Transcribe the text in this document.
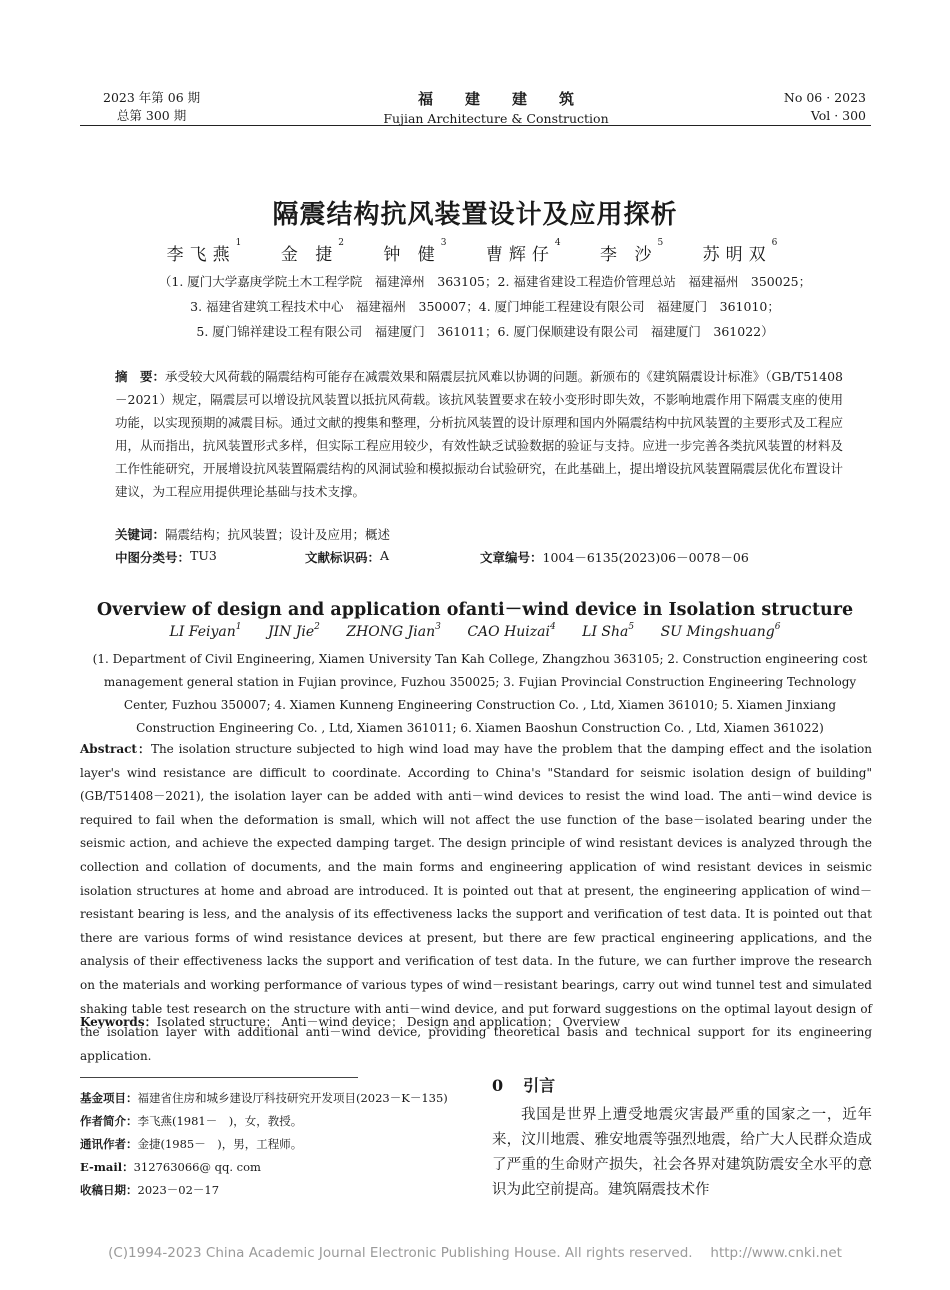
2023 年第 06 期
总第 300 期
福建建筑
Fujian Architecture & Construction
No 06 · 2023
Vol · 300
隔震结构抗风装置设计及应用探析
李飞燕$^1$ 金 捷$^2$ 钟 健$^3$ 曹辉仔$^4$ 李 沙$^5$ 苏明双$^6$
（1. 厦门大学嘉庚学院土木工程学院　福建漳州　363105；2. 福建省建设工程造价管理总站　福建福州　350025；
3. 福建省建筑工程技术中心　福建福州　350007；4. 厦门坤能工程建设有限公司　福建厦门　361010；
5. 厦门锦祥建设工程有限公司　福建厦门　361011；6. 厦门保顺建设有限公司　福建厦门　361022）
摘　要：承受较大风荷载的隔震结构可能存在减震效果和隔震层抗风难以协调的问题。新颁布的《建筑隔震设计标准》（GB/T51408－2021）规定，隔震层可以增设抗风装置以抵抗风荷载。该抗风装置要求在较小变形时即失效，不影响地震作用下隔震支座的使用功能，以实现预期的减震目标。通过文献的搜集和整理，分析抗风装置的设计原理和国内外隔震结构中抗风装置的主要形式及工程应用，从而指出，抗风装置形式多样，但实际工程应用较少，有效性缺乏试验数据的验证与支持。应进一步完善各类抗风装置的材料及工作性能研究，开展增设抗风装置隔震结构的风洞试验和模拟振动台试验研究，在此基础上，提出增设抗风装置隔震层优化布置设计建议，为工程应用提供理论基础与技术支撑。
关键词：隔震结构；抗风装置；设计及应用；概述
中图分类号： TU3	文献标识码： A	文章编号： 1004－6135(2023)06－0078－06
Overview of design and application ofanti－wind device in Isolation structure
LI Feiyan$^1$ JIN Jie$^2$ ZHONG Jian$^3$ CAO Huizai$^4$ LI Sha$^5$ SU Mingshuang$^6$
(1. Department of Civil Engineering, Xiamen University Tan Kah College, Zhangzhou 363105; 2. Construction engineering cost management general station in Fujian province, Fuzhou 350025; 3. Fujian Provincial Construction Engineering Technology Center, Fuzhou 350007; 4. Xiamen Kunneng Engineering Construction Co. , Ltd, Xiamen 361010; 5. Xiamen Jinxiang Construction Engineering Co. , Ltd, Xiamen 361011; 6. Xiamen Baoshun Construction Co. , Ltd, Xiamen 361022)
Abstract：The isolation structure subjected to high wind load may have the problem that the damping effect and the isolation layer's wind resistance are difficult to coordinate. According to China's "Standard for seismic isolation design of building" (GB/T51408－2021), the isolation layer can be added with anti－wind devices to resist the wind load. The anti－wind device is required to fail when the deformation is small, which will not affect the use function of the base－isolated bearing under the seismic action, and achieve the expected damping target. The design principle of wind resistant devices is analyzed through the collection and collation of documents, and the main forms and engineering application of wind resistant devices in seismic isolation structures at home and abroad are introduced. It is pointed out that at present, the engineering application of wind－resistant bearing is less, and the analysis of its effectiveness lacks the support and verification of test data. It is pointed out that there are various forms of wind resistance devices at present, but there are few practical engineering applications, and the analysis of their effectiveness lacks the support and verification of test data. In the future, we can further improve the research on the materials and working performance of various types of wind－resistant bearings, carry out wind tunnel test and simulated shaking table test research on the structure with anti－wind device, and put forward suggestions on the optimal layout design of the isolation layer with additional anti－wind device, providing theoretical basis and technical support for its engineering application.
Keywords：Isolated structure； Anti－wind device； Design and application； Overview
基金项目：福建省住房和城乡建设厅科技研究开发项目(2023－K－135)
作者简介：李飞燕(1981－　)，女，教授。
通讯作者：金捷(1985－　)，男，工程师。
E-mail：312763066@ qq. com
收稿日期：2023－02－17
0 引言

我国是世界上遭受地震灾害最严重的国家之一，近年来，汶川地震、雅安地震等强烈地震，给广大人民群众造成了严重的生命财产损失，社会各界对建筑防震安全水平的意识为此空前提高。建筑隔震技术作

(C)1994-2023 China Academic Journal Electronic Publishing House. All rights reserved.　 http://www.cnki.net
